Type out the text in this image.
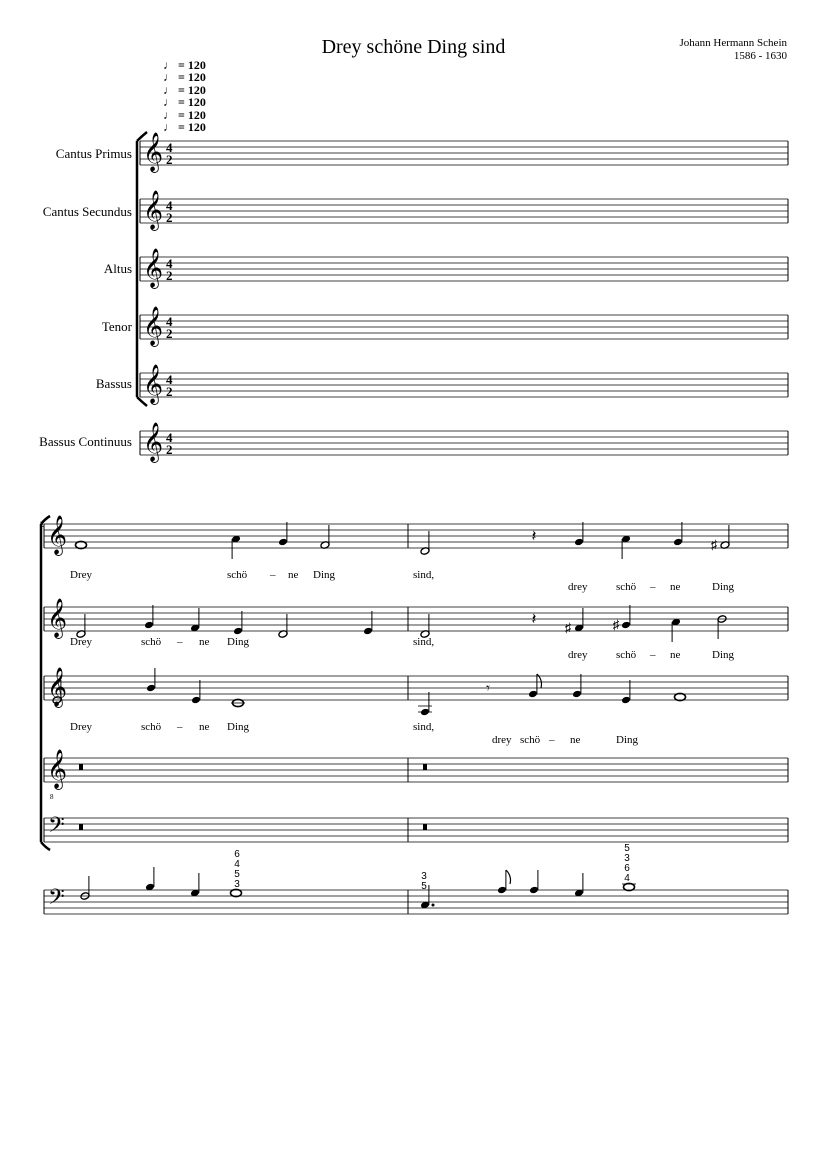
Drey schöne Ding sind	Johann Hermann Schein
1586 - 1630
♩ = 120
♩ = 120
♩ = 120
♩ = 120
♩ = 120
♩ = 120
Cantus Primus
Cantus Secundus
Altus
Tenor
Bassus
Bassus Continuus
𝄞 4
2
𝄞 4
2
𝄞 4
2
𝄞 4
2
𝄞 4
2
𝄞 4
2
𝄞
𝄞
𝄞
𝄞
𝄢
𝄢
2
8
𝄽	♯
𝄽 ♯	♯
𝄾
Drey	schö – ne Ding	sind,
drey	schö – ne	Ding
Drey	schö – ne Ding	sind,
drey	schö – ne	Ding
Drey	schö – ne Ding	sind,
drey schö – ne	Ding
6
4
5
3
3
5
5
3
6
4
